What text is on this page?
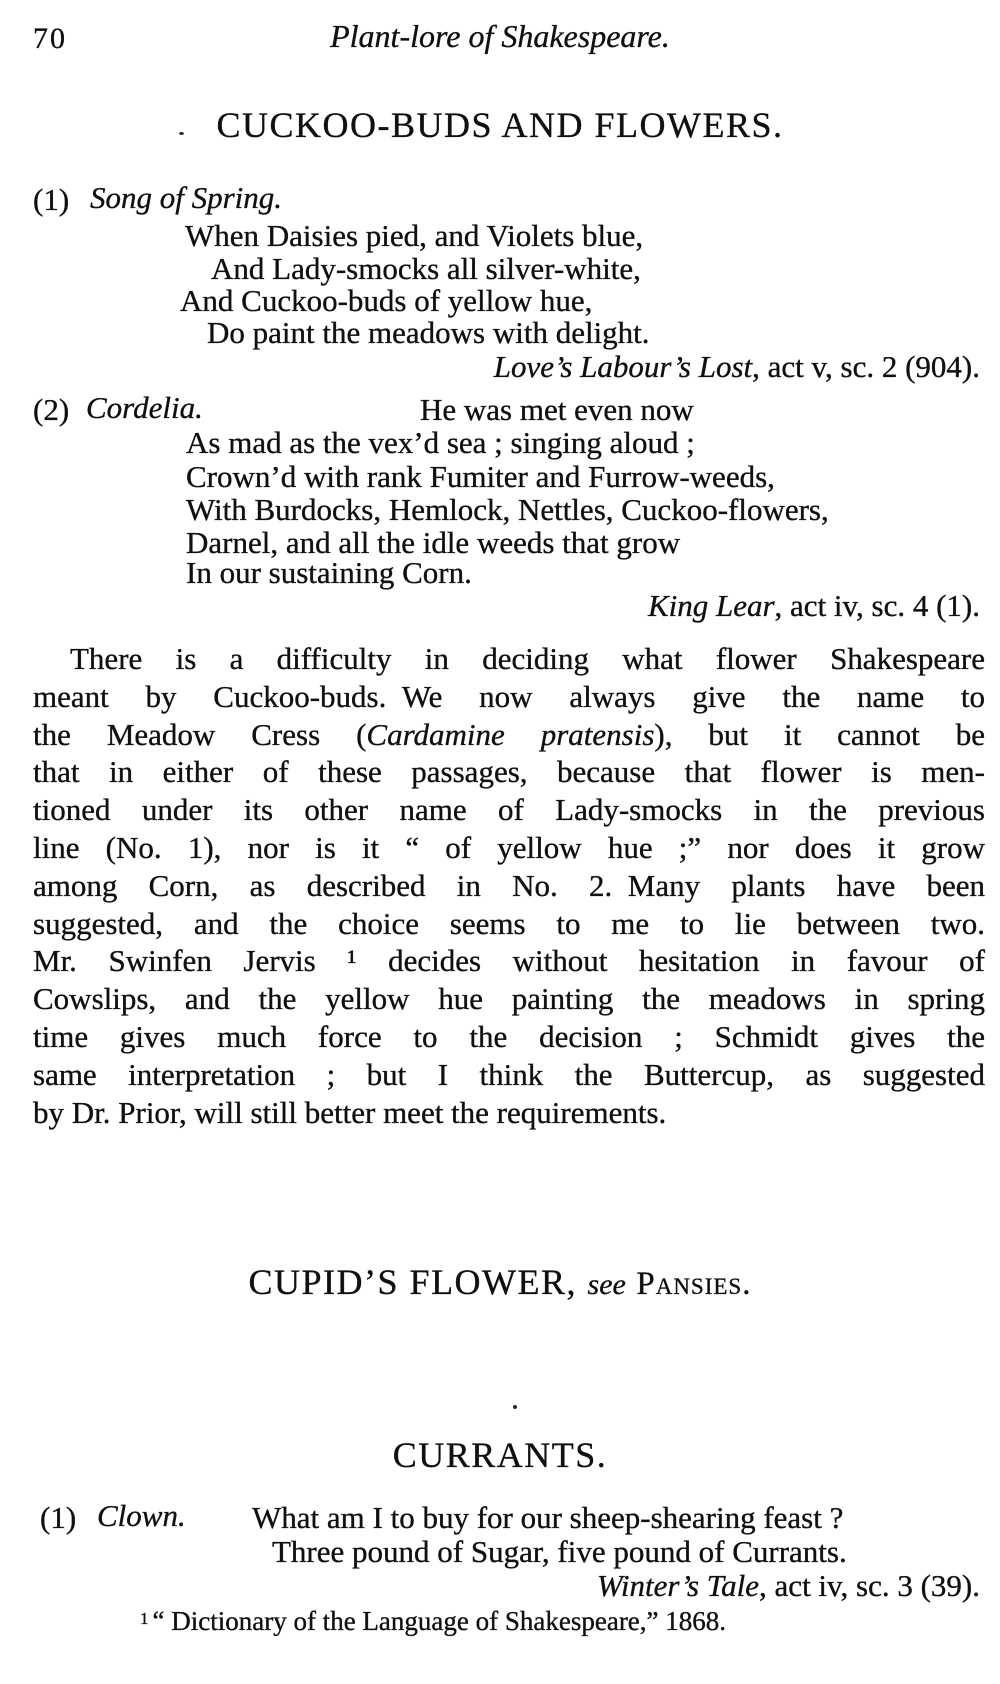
70	Plant-lore of Shakespeare.
CUCKOO-BUDS AND FLOWERS.
(1) Song of Spring.
When Daisies pied, and Violets blue,
And Lady-smocks all silver-white,
And Cuckoo-buds of yellow hue,
Do paint the meadows with delight.
Love’s Labour’s Lost, act v, sc. 2 (904).
(2) Cordelia.	He was met even now
As mad as the vex’d sea ; singing aloud ;
Crown’d with rank Fumiter and Furrow-weeds,
With Burdocks, Hemlock, Nettles, Cuckoo-flowers,
Darnel, and all the idle weeds that grow
In our sustaining Corn.
King Lear, act iv, sc. 4 (1).
There is a difficulty in deciding what flower Shakespeare
meant by Cuckoo-buds. We now always give the name to
the Meadow Cress (Cardamine pratensis), but it cannot be
that in either of these passages, because that flower is men-
tioned under its other name of Lady-smocks in the previous
line (No. 1), nor is it “ of yellow hue ;” nor does it grow
among Corn, as described in No. 2. Many plants have been
suggested, and the choice seems to me to lie between two.
Mr. Swinfen Jervis ¹ decides without hesitation in favour of
Cowslips, and the yellow hue painting the meadows in spring
time gives much force to the decision ; Schmidt gives the
same interpretation ; but I think the Buttercup, as suggested
by Dr. Prior, will still better meet the requirements.
CUPID’S FLOWER, see Pansies.
CURRANTS.
(1) Clown. What am I to buy for our sheep-shearing feast ?
Three pound of Sugar, five pound of Currants.
Winter’s Tale, act iv, sc. 3 (39).
$^1$ “ Dictionary of the Language of Shakespeare,” 1868.
